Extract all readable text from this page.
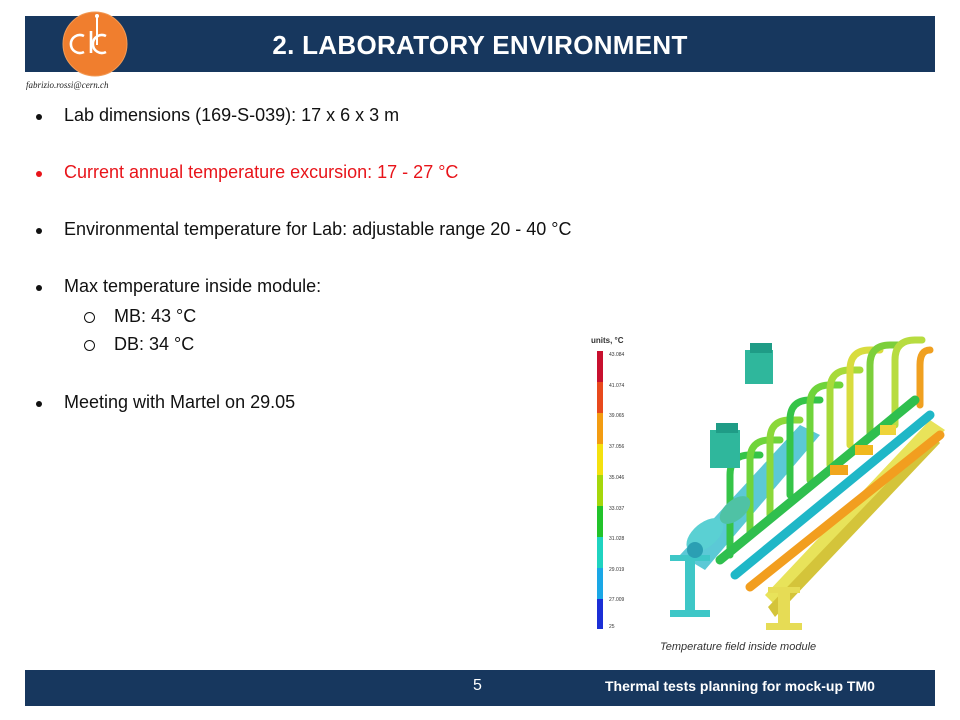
2. LABORATORY ENVIRONMENT
fabrizio.rossi@cern.ch
Lab dimensions (169-S-039): 17 x 6 x 3 m
Current annual temperature excursion: 17 - 27 °C
Environmental temperature for Lab: adjustable range 20 - 40 °C
Max temperature inside module:
MB: 43 °C
DB: 34 °C
Meeting with Martel on 29.05
units, °C
43.084
41.074
39.065
37.056
35.046
33.037
31.028
29.019
27.009
25
Temperature field inside module
5	Thermal tests planning for mock-up TM0
